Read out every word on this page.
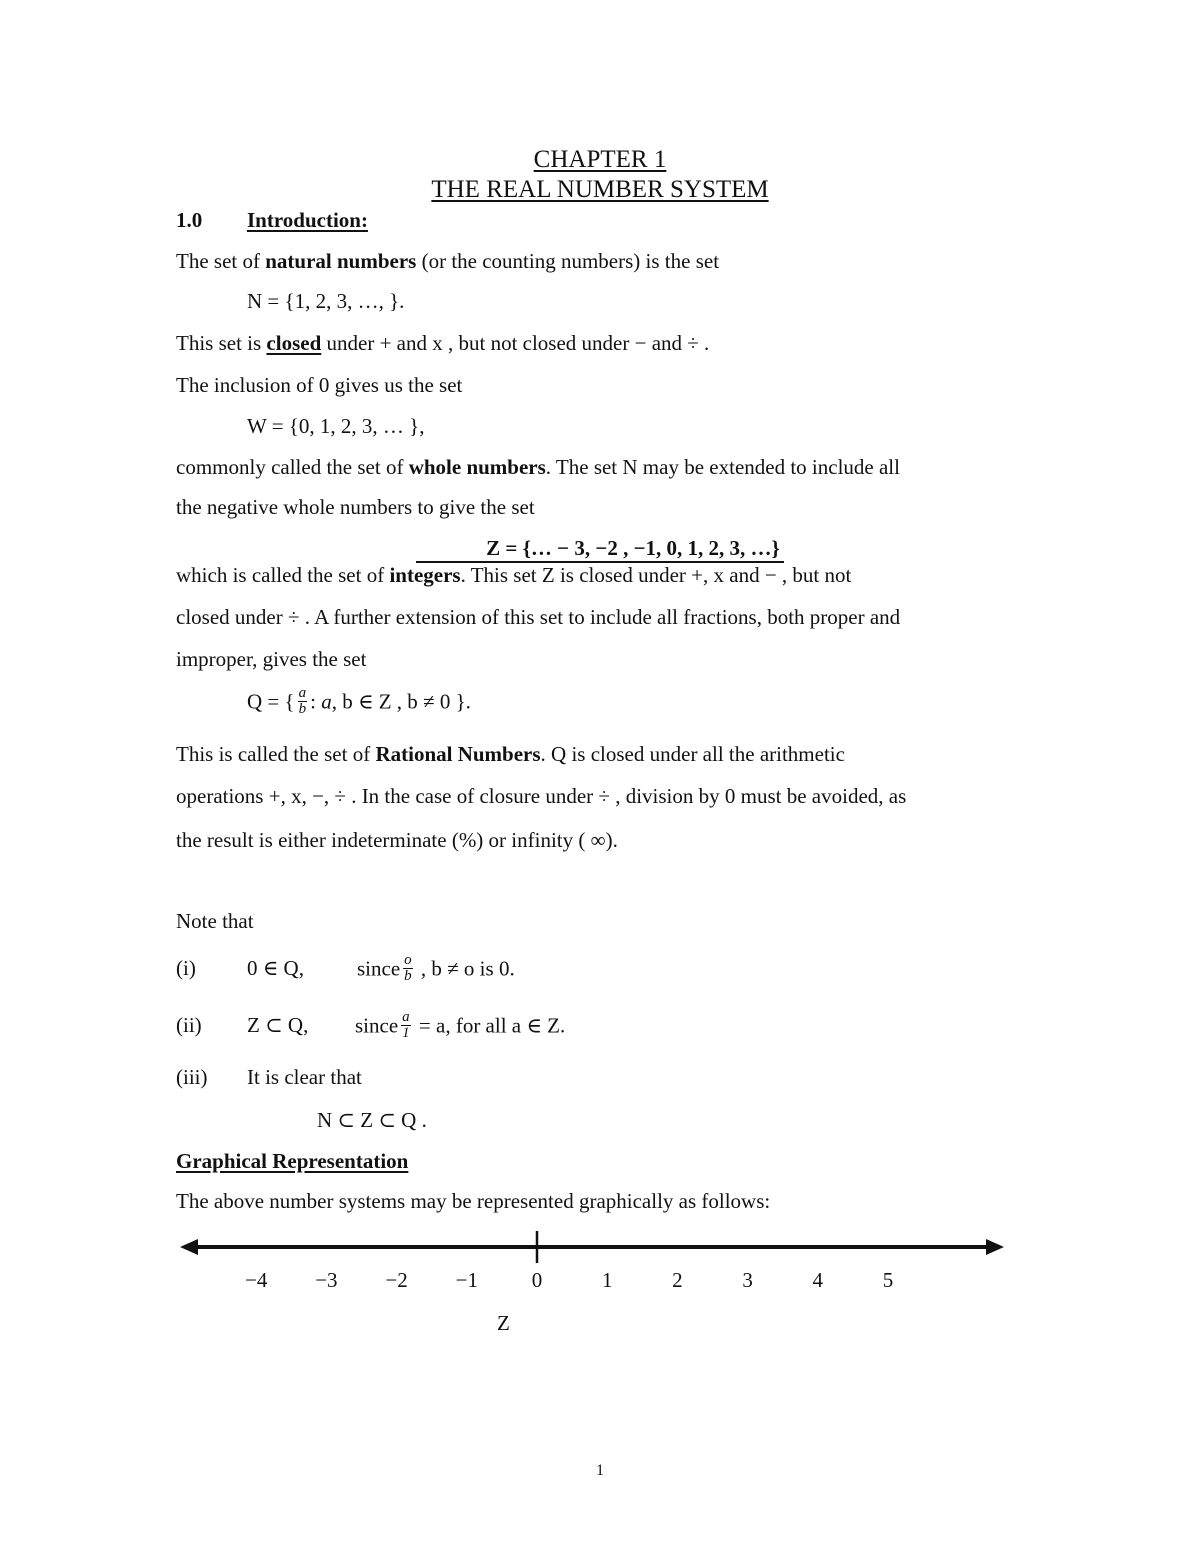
CHAPTER 1
THE REAL NUMBER SYSTEM
1.0 Introduction:
The set of natural numbers (or the counting numbers) is the set
N = {1, 2, 3, …, }.
This set is closed under + and x , but not closed under − and ÷ .
The inclusion of 0 gives us the set
W = {0, 1, 2, 3, … },
commonly called the set of whole numbers. The set N may be extended to include all
the negative whole numbers to give the set
Z = {… − 3, −2 , −1, 0, 1, 2, 3, …}
which is called the set of integers. This set Z is closed under +, x and − , but not
closed under ÷ . A further extension of this set to include all fractions, both proper and
improper, gives the set
Q = { $\frac{a}{b}$ : a, b ∈ Z , b ≠ 0 }.
This is called the set of Rational Numbers. Q is closed under all the arithmetic
operations +, x, −, ÷ . In the case of closure under ÷ , division by 0 must be avoided, as
the result is either indeterminate (%) or infinity ( ∞).
Note that
(i) 0 ∈ Q,	since $\frac{o}{b}$ , b ≠ o is 0.
(ii) Z ⊂ Q, since $\frac{a}{1} = a$, for all a ∈ Z.
(iii) It is clear that
N ⊂ Z ⊂ Q .
Graphical Representation
The above number systems may be represented graphically as follows:
−4 −3 −2 −1	0	1	2	3	4	5
Z
1
